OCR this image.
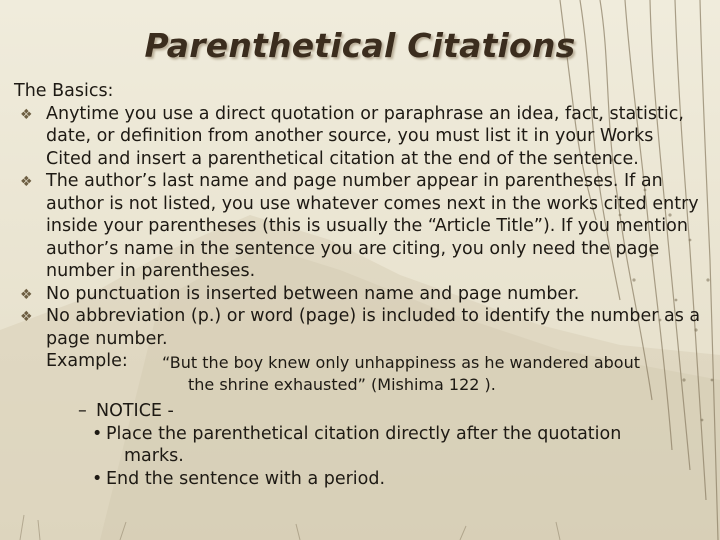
Parenthetical Citations

The Basics:

❖ Anytime you use a direct quotation or paraphrase an idea, fact, statistic, date, or definition from another source, you must list it in your Works Cited and insert a parenthetical citation at the end of the sentence.
❖ The author’s last name and page number appear in parentheses. If an author is not listed, you use whatever comes next in the works cited entry inside your parentheses (this is usually the “Article Title”). If you mention author’s name in the sentence you are citing, you only need the page number in parentheses.
❖ No punctuation is inserted between name and page number.
❖ No abbreviation (p.) or word (page) is included to identify the number as a page number.
Example: “But the boy knew only unhappiness as he wandered about
the shrine exhausted” (Mishima 122 ).
– NOTICE -
• Place the parenthetical citation directly after the quotation
marks.
• End the sentence with a period.
